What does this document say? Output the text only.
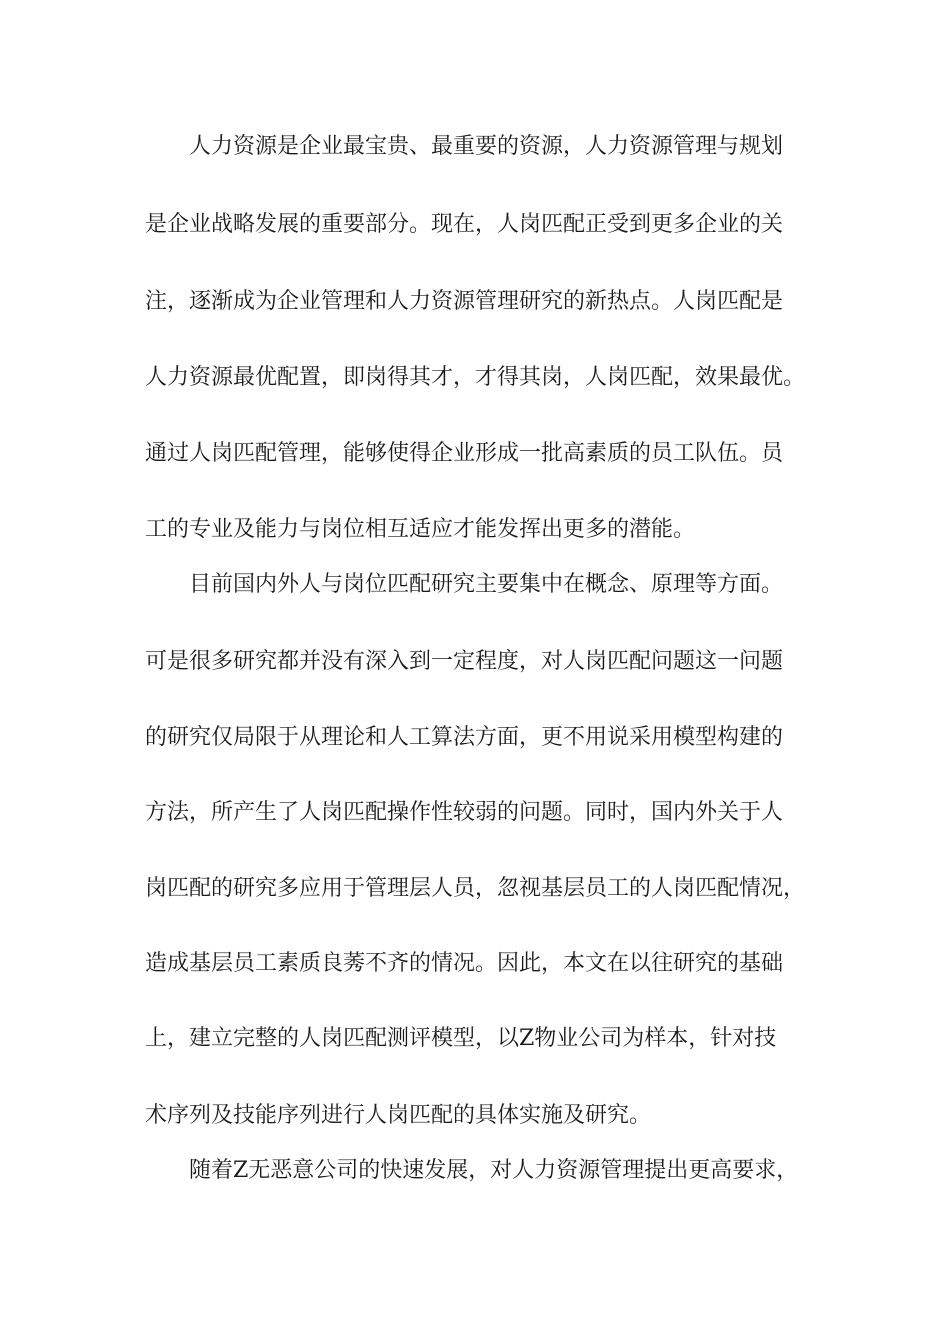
人力资源是企业最宝贵、最重要的资源，人力资源管理与规划
是企业战略发展的重要部分。现在，人岗匹配正受到更多企业的关
注，逐渐成为企业管理和人力资源管理研究的新热点。人岗匹配是
人力资源最优配置，即岗得其才，才得其岗，人岗匹配，效果最优。
通过人岗匹配管理，能够使得企业形成一批高素质的员工队伍。员
工的专业及能力与岗位相互适应才能发挥出更多的潜能。
目前国内外人与岗位匹配研究主要集中在概念、原理等方面。
可是很多研究都并没有深入到一定程度，对人岗匹配问题这一问题
的研究仅局限于从理论和人工算法方面，更不用说采用模型构建的
方法，所产生了人岗匹配操作性较弱的问题。同时，国内外关于人
岗匹配的研究多应用于管理层人员，忽视基层员工的人岗匹配情况，
造成基层员工素质良莠不齐的情况。因此，本文在以往研究的基础
上，建立完整的人岗匹配测评模型，以Z物业公司为样本，针对技
术序列及技能序列进行人岗匹配的具体实施及研究。
随着Z无恶意公司的快速发展，对人力资源管理提出更高要求，
